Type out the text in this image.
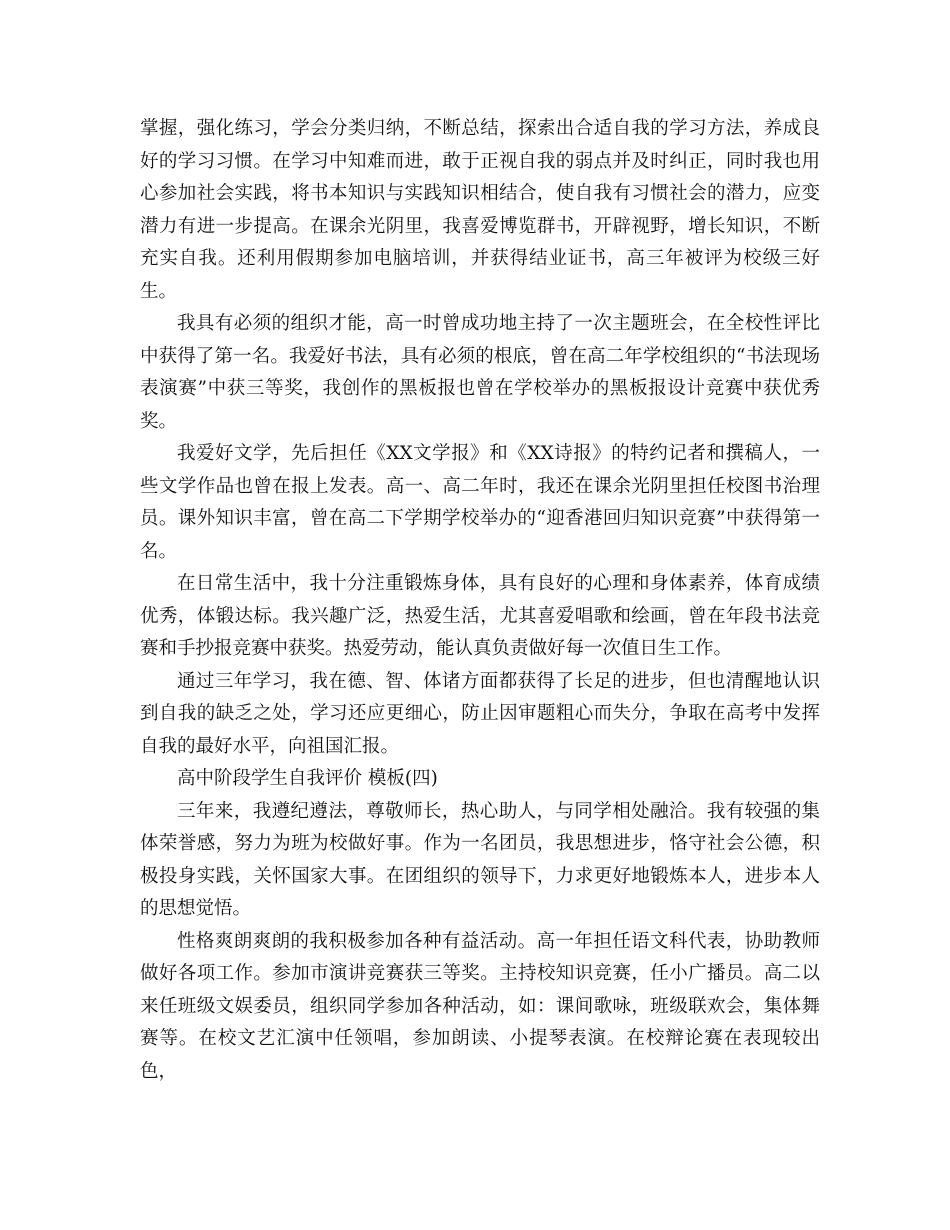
掌握，强化练习，学会分类归纳，不断总结，探索出合适自我的学习方法，养成良好的学习习惯。在学习中知难而进，敢于正视自我的弱点并及时纠正，同时我也用心参加社会实践，将书本知识与实践知识相结合，使自我有习惯社会的潜力，应变潜力有进一步提高。在课余光阴里，我喜爱博览群书，开辟视野，增长知识，不断充实自我。还利用假期参加电脑培训，并获得结业证书，高三年被评为校级三好生。

我具有必须的组织才能，高一时曾成功地主持了一次主题班会，在全校性评比中获得了第一名。我爱好书法，具有必须的根底，曾在高二年学校组织的“书法现场表演赛”中获三等奖，我创作的黑板报也曾在学校举办的黑板报设计竞赛中获优秀奖。

我爱好文学，先后担任《XX文学报》和《XX诗报》的特约记者和撰稿人，一些文学作品也曾在报上发表。高一、高二年时，我还在课余光阴里担任校图书治理员。课外知识丰富，曾在高二下学期学校举办的“迎香港回归知识竞赛”中获得第一名。

在日常生活中，我十分注重锻炼身体，具有良好的心理和身体素养，体育成绩优秀，体锻达标。我兴趣广泛，热爱生活，尤其喜爱唱歌和绘画，曾在年段书法竞赛和手抄报竞赛中获奖。热爱劳动，能认真负责做好每一次值日生工作。

通过三年学习，我在德、智、体诸方面都获得了长足的进步，但也清醒地认识到自我的缺乏之处，学习还应更细心，防止因审题粗心而失分，争取在高考中发挥自我的最好水平，向祖国汇报。

高中阶段学生自我评价 模板(四)

三年来，我遵纪遵法，尊敬师长，热心助人，与同学相处融洽。我有较强的集体荣誉感，努力为班为校做好事。作为一名团员，我思想进步，恪守社会公德，积极投身实践，关怀国家大事。在团组织的领导下，力求更好地锻炼本人，进步本人的思想觉悟。

性格爽朗爽朗的我积极参加各种有益活动。高一年担任语文科代表，协助教师做好各项工作。参加市演讲竞赛获三等奖。主持校知识竞赛，任小广播员。高二以来任班级文娱委员，组织同学参加各种活动，如：课间歌咏，班级联欢会，集体舞赛等。在校文艺汇演中任领唱，参加朗读、小提琴表演。在校辩论赛在表现较出色，
